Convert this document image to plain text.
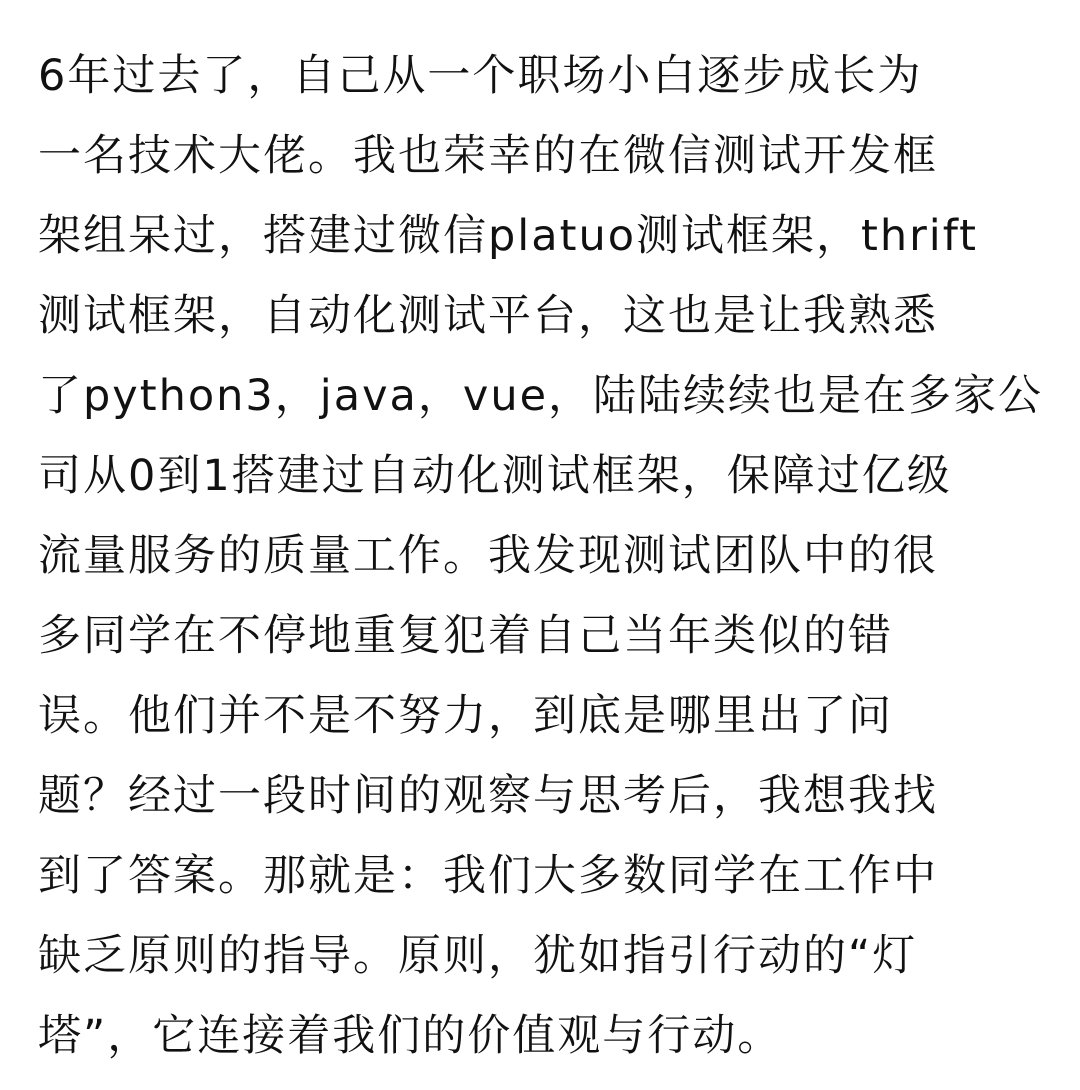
6年过去了，自己从一个职场小白逐步成长为
一名技术大佬。我也荣幸的在微信测试开发框
架组呆过，搭建过微信platuo测试框架，thrift
测试框架，自动化测试平台，这也是让我熟悉
了python3，java，vue，陆陆续续也是在多家公
司从0到1搭建过自动化测试框架，保障过亿级
流量服务的质量工作。我发现测试团队中的很
多同学在不停地重复犯着自己当年类似的错
误。他们并不是不努力，到底是哪里出了问
题？经过一段时间的观察与思考后，我想我找
到了答案。那就是：我们大多数同学在工作中
缺乏原则的指导。原则，犹如指引行动的“灯
塔”，它连接着我们的价值观与行动。
